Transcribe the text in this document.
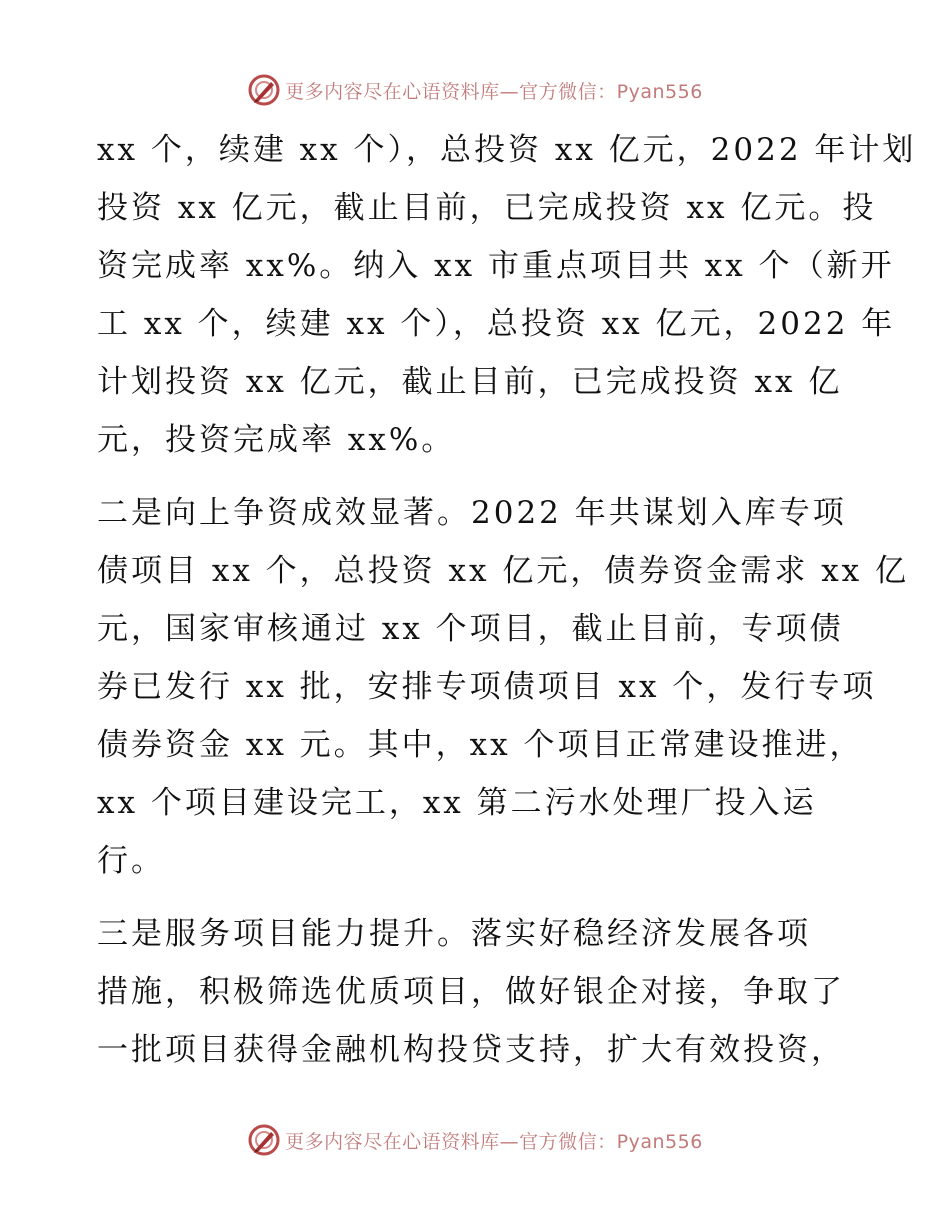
更多内容尽在心语资料库—官方微信：Pyan556
xx 个，续建 xx 个），总投资 xx 亿元，2022 年计划
投资 xx 亿元，截止目前，已完成投资 xx 亿元。投
资完成率 xx%。纳入 xx 市重点项目共 xx 个（新开
工 xx 个，续建 xx 个），总投资 xx 亿元，2022 年
计划投资 xx 亿元，截止目前，已完成投资 xx 亿
元，投资完成率 xx%。
二是向上争资成效显著。2022 年共谋划入库专项
债项目 xx 个，总投资 xx 亿元，债券资金需求 xx 亿
元，国家审核通过 xx 个项目，截止目前，专项债
券已发行 xx 批，安排专项债项目 xx 个，发行专项
债券资金 xx 元。其中，xx 个项目正常建设推进，
xx 个项目建设完工，xx 第二污水处理厂投入运
行。
三是服务项目能力提升。落实好稳经济发展各项
措施，积极筛选优质项目，做好银企对接，争取了
一批项目获得金融机构投贷支持，扩大有效投资，
更多内容尽在心语资料库—官方微信：Pyan556
